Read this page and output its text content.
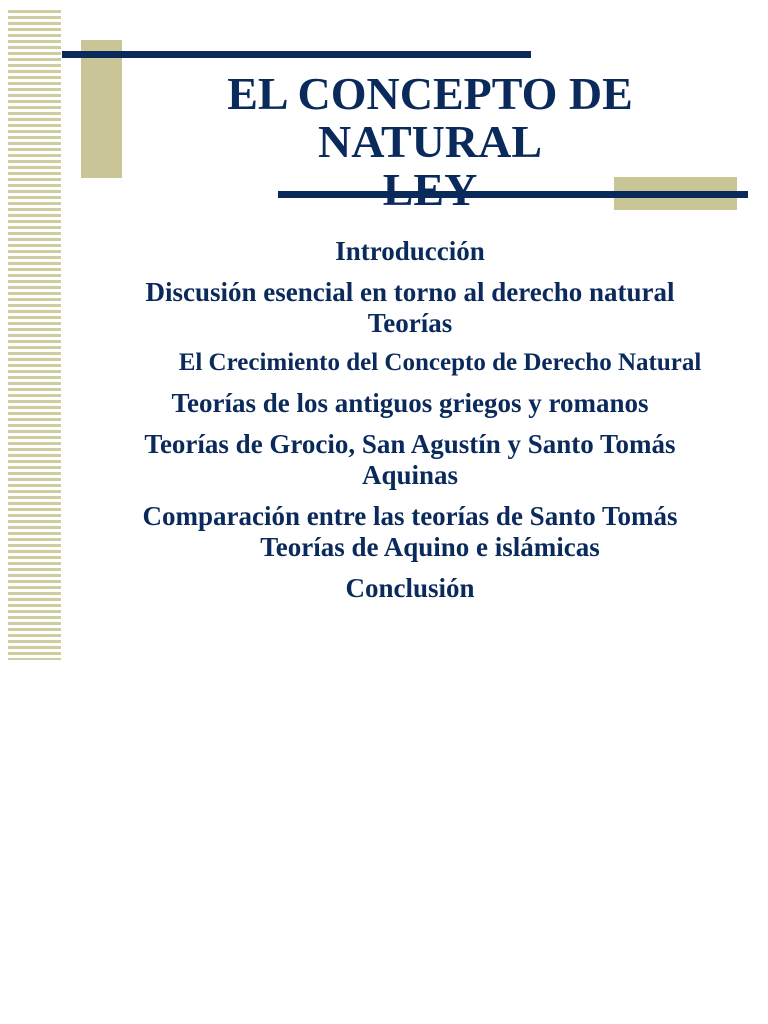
EL CONCEPTO DE NATURAL
LEY
Introducción
Discusión esencial en torno al derecho natural
Teorías
El Crecimiento del Concepto de Derecho Natural
Teorías de los antiguos griegos y romanos
Teorías de Grocio, San Agustín y Santo Tomás
Aquinas
Comparación entre las teorías de Santo Tomás
Teorías de Aquino e islámicas
Conclusión
